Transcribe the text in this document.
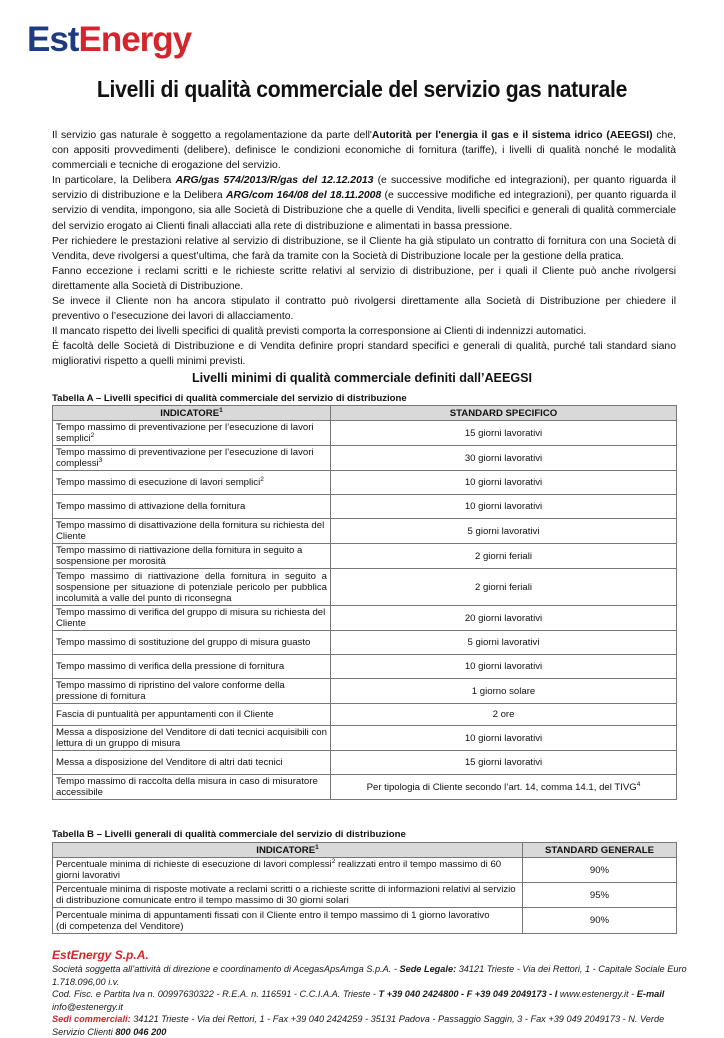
EstEnergy
Livelli di qualità commerciale del servizio gas naturale

Il servizio gas naturale è soggetto a regolamentazione da parte dell'Autorità per l'energia il gas e il sistema idrico (AEEGSI) che, con appositi provvedimenti (delibere), definisce le condizioni economiche di fornitura (tariffe), i livelli di qualità nonché le modalità commerciali e tecniche di erogazione del servizio.

In particolare, la Delibera ARG/gas 574/2013/R/gas del 12.12.2013 (e successive modifiche ed integrazioni), per quanto riguarda il servizio di distribuzione e la Delibera ARG/com 164/08 del 18.11.2008 (e successive modifiche ed integrazioni), per quanto riguarda il servizio di vendita, impongono, sia alle Società di Distribuzione che a quelle di Vendita, livelli specifici e generali di qualità commerciale del servizio erogato ai Clienti finali allacciati alla rete di distribuzione e alimentati in bassa pressione.

Per richiedere le prestazioni relative al servizio di distribuzione, se il Cliente ha già stipulato un contratto di fornitura con una Società di Vendita, deve rivolgersi a quest’ultima, che farà da tramite con la Società di Distribuzione locale per la gestione della pratica.

Fanno eccezione i reclami scritti e le richieste scritte relativi al servizio di distribuzione, per i quali il Cliente può anche rivolgersi direttamente alla Società di Distribuzione.

Se invece il Cliente non ha ancora stipulato il contratto può rivolgersi direttamente alla Società di Distribuzione per chiedere il preventivo o l’esecuzione dei lavori di allacciamento.

Il mancato rispetto dei livelli specifici di qualità previsti comporta la corresponsione ai Clienti di indennizzi automatici.

È facoltà delle Società di Distribuzione e di Vendita definire propri standard specifici e generali di qualità, purché tali standard siano migliorativi rispetto a quelli minimi previsti.

Livelli minimi di qualità commerciale definiti dall’AEEGSI
Tabella A – Livelli specifici di qualità commerciale del servizio di distribuzione
INDICATORE$^1$	STANDARD SPECIFICO
Tempo massimo di preventivazione per l’esecuzione di lavori semplici$^2$	15 giorni lavorativi
Tempo massimo di preventivazione per l’esecuzione di lavori complessi$^3$	30 giorni lavorativi
Tempo massimo di esecuzione di lavori semplici$^2$	10 giorni lavorativi
Tempo massimo di attivazione della fornitura	10 giorni lavorativi
Tempo massimo di disattivazione della fornitura su richiesta del Cliente	5 giorni lavorativi
Tempo massimo di riattivazione della fornitura in seguito a sospensione per morosità	2 giorni feriali
Tempo massimo di riattivazione della fornitura in seguito a sospensione per situazione di potenziale pericolo per pubblica incolumità a valle del punto di riconsegna	2 giorni feriali
Tempo massimo di verifica del gruppo di misura su richiesta del Cliente	20 giorni lavorativi
Tempo massimo di sostituzione del gruppo di misura guasto	5 giorni lavorativi
Tempo massimo di verifica della pressione di fornitura	10 giorni lavorativi
Tempo massimo di ripristino del valore conforme della pressione di fornitura	1 giorno solare
Fascia di puntualità per appuntamenti con il Cliente	2 ore
Messa a disposizione del Venditore di dati tecnici acquisibili con lettura di un gruppo di misura	10 giorni lavorativi
Messa a disposizione del Venditore di altri dati tecnici	15 giorni lavorativi
Tempo massimo di raccolta della misura in caso di misuratore accessibile	Per tipologia di Cliente secondo l’art. 14, comma 14.1, del TIVG$^4$
Tabella B – Livelli generali di qualità commerciale del servizio di distribuzione
INDICATORE$^1$	STANDARD GENERALE
Percentuale minima di richieste di esecuzione di lavori complessi$^2$ realizzati entro il tempo massimo di 60 giorni lavorativi	90%
Percentuale minima di risposte motivate a reclami scritti o a richieste scritte di informazioni relativi al servizio di distribuzione comunicate entro il tempo massimo di 30 giorni solari	95%
Percentuale minima di appuntamenti fissati con il Cliente entro il tempo massimo di 1 giorno lavorativo
(di competenza del Venditore)	90%
EstEnergy S.p.A.
Società soggetta all’attività di direzione e coordinamento di AcegasApsAmga S.p.A. - Sede Legale: 34121 Trieste - Via dei Rettori, 1 - Capitale Sociale Euro 1.718.096,00 i.v.
Cod. Fisc. e Partita Iva n. 00997630322 - R.E.A. n. 116591 - C.C.I.A.A. Trieste - T +39 040 2424800 - F +39 049 2049173 - I www.estenergy.it - E-mail info@estenergy.it
Sedi commerciali: 34121 Trieste - Via dei Rettori, 1 - Fax +39 040 2424259 - 35131 Padova - Passaggio Saggin, 3 - Fax +39 049 2049173 - N. Verde Servizio Clienti 800 046 200
